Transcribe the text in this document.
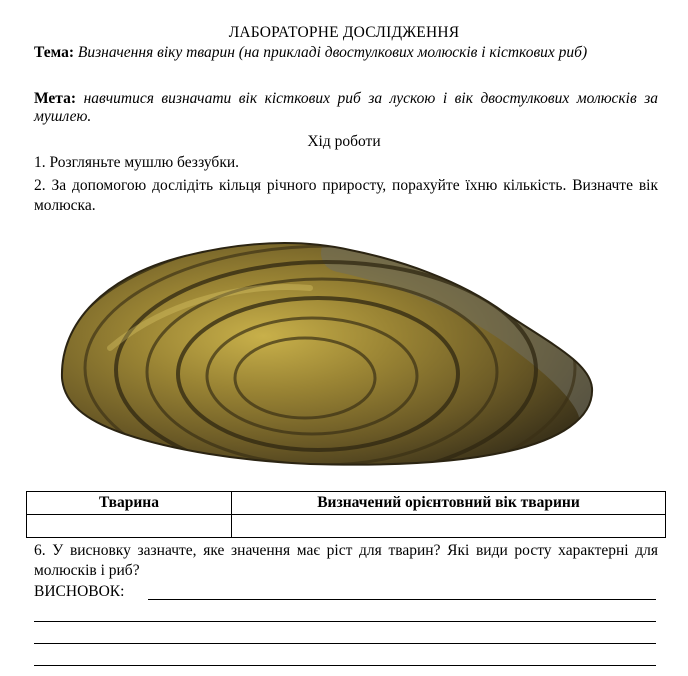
ЛАБОРАТОРНЕ ДОСЛІДЖЕННЯ
Тема: Визначення віку тварин (на прикладі двостулкових молюсків і кісткових риб)
Мета: навчитися визначати вік кісткових риб за лускою і вік двостулкових молюсків за мушлею.
Хід роботи
1. Розгляньте мушлю беззубки.
2. За допомогою дослідіть кільця річного приросту, порахуйте їхню кількість. Визначте вік молюска.
Тварина	Визначений орієнтовний вік тварини

6. У висновку зазначте, яке значення має ріст для тварин? Які види росту характерні для молюсків і риб?
ВИСНОВОК:
